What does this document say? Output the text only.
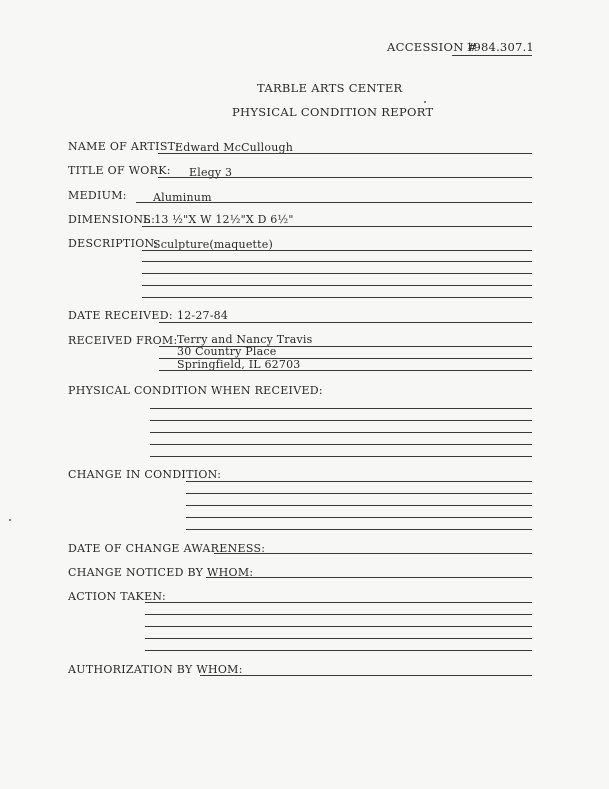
ACCESSION #
1984.307.1
TARBLE ARTS CENTER
PHYSICAL CONDITION REPORT
NAME OF ARTIST:
Edward McCullough
TITLE OF WORK: Elegy 3
MEDIUM: Aluminum
DIMENSIONS:
L 13 ½"X W 12½"X D 6½"
DESCRIPTION:
Sculpture(maquette)
DATE RECEIVED: 12-27-84
RECEIVED FROM: Terry and Nancy Travis
30 Country Place
Springfield, IL 62703
PHYSICAL CONDITION WHEN RECEIVED:
CHANGE IN CONDITION:
DATE OF CHANGE AWARENESS:
CHANGE NOTICED BY WHOM:
ACTION TAKEN:
AUTHORIZATION BY WHOM:
